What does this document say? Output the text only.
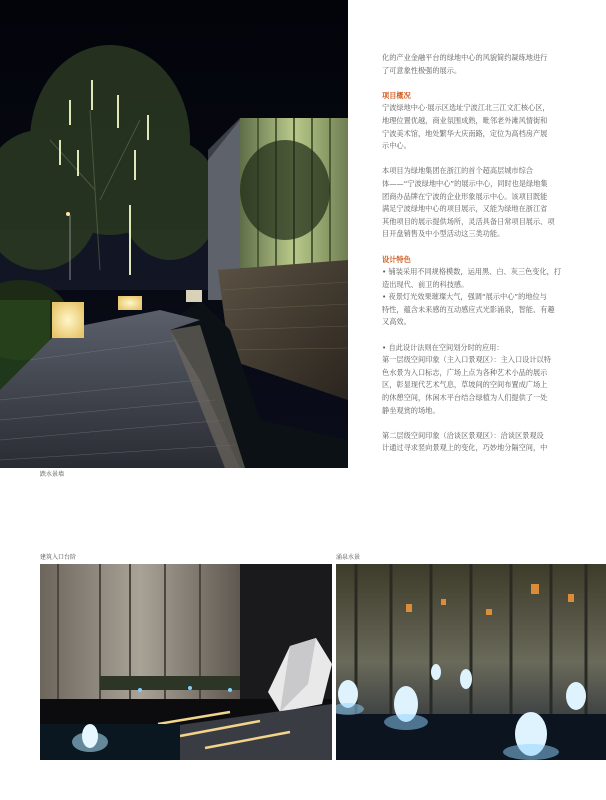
跌水景墙

化的产业金融平台的绿地中心的风貌简约凝练地进行

了可意象性极强的展示。

项目概况

宁波绿地中心·展示区选址宁波江北三江文汇核心区，

地理位置优越，商业氛围成熟，毗邻老外滩风情街和

宁波美术馆，地处繁华大庆南路，定位为高档房产展

示中心。

本项目为绿地集团在浙江的首个超高层城市综合

体——“宁波绿地中心”的展示中心，同时也是绿地集

团商办品牌在宁波的企业形象展示中心。该项目既能

满足宁波绿地中心的项目展示，又能为绿地在浙江省

其他项目的展示提供场所，灵活具备日常项目展示、项

目开盘销售及中小型活动这三类功能。

设计特色

• 铺装采用不同规格模数，运用黑、白、灰三色变化，打

造出现代、前卫的科技感。

• 夜景灯光效果璀璨大气，强调“展示中心”的地位与

特性，蕴含未来感的互动感应式光影涌泉，智能、有趣

又高效。

• 自此设计法则在空间划分时的应用：

第一层级空间印象（主入口景观区）：主入口设计以特

色水景为入口标志，广场上点为各种艺术小品的展示

区，彰显现代艺术气息，草坡间的空间布置成广场上

的休憩空间，休闲木平台结合绿植为人们提供了一处

静坐观赏的场地。

第二层级空间印象（洽谈区景观区）：洽谈区景观设

计通过寻求竖向景观上的变化，巧妙地分隔空间，中

建筑入口台阶	涌泉水景
